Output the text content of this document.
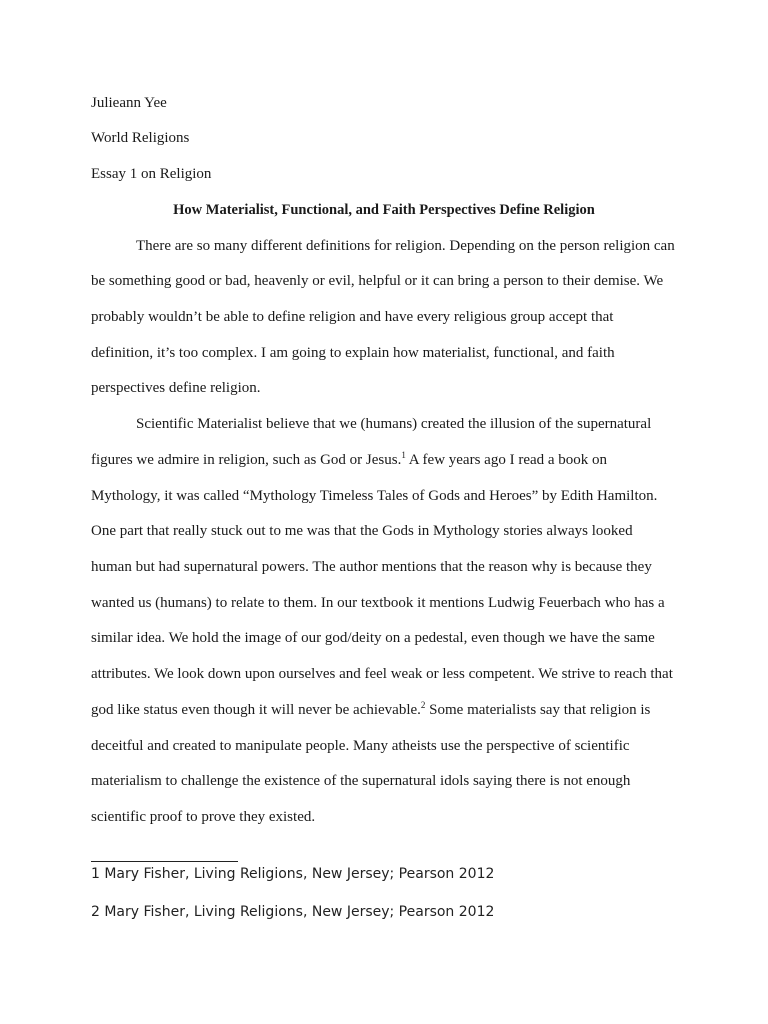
Julieann Yee
World Religions
Essay 1 on Religion
How Materialist, Functional, and Faith Perspectives Define Religion
There are so many different definitions for religion. Depending on the person religion can
be something good or bad, heavenly or evil, helpful or it can bring a person to their demise. We
probably wouldn’t be able to define religion and have every religious group accept that
definition, it’s too complex. I am going to explain how materialist, functional, and faith
perspectives define religion.
Scientific Materialist believe that we (humans) created the illusion of the supernatural
figures we admire in religion, such as God or Jesus.$^1$ A few years ago I read a book on
Mythology, it was called “Mythology Timeless Tales of Gods and Heroes” by Edith Hamilton.
One part that really stuck out to me was that the Gods in Mythology stories always looked
human but had supernatural powers. The author mentions that the reason why is because they
wanted us (humans) to relate to them. In our textbook it mentions Ludwig Feuerbach who has a
similar idea. We hold the image of our god/deity on a pedestal, even though we have the same
attributes. We look down upon ourselves and feel weak or less competent. We strive to reach that
god like status even though it will never be achievable.$^2$ Some materialists say that religion is
deceitful and created to manipulate people. Many atheists use the perspective of scientific
materialism to challenge the existence of the supernatural idols saying there is not enough
scientific proof to prove they existed.
1 Mary Fisher, Living Religions, New Jersey; Pearson 2012
2 Mary Fisher, Living Religions, New Jersey; Pearson 2012
